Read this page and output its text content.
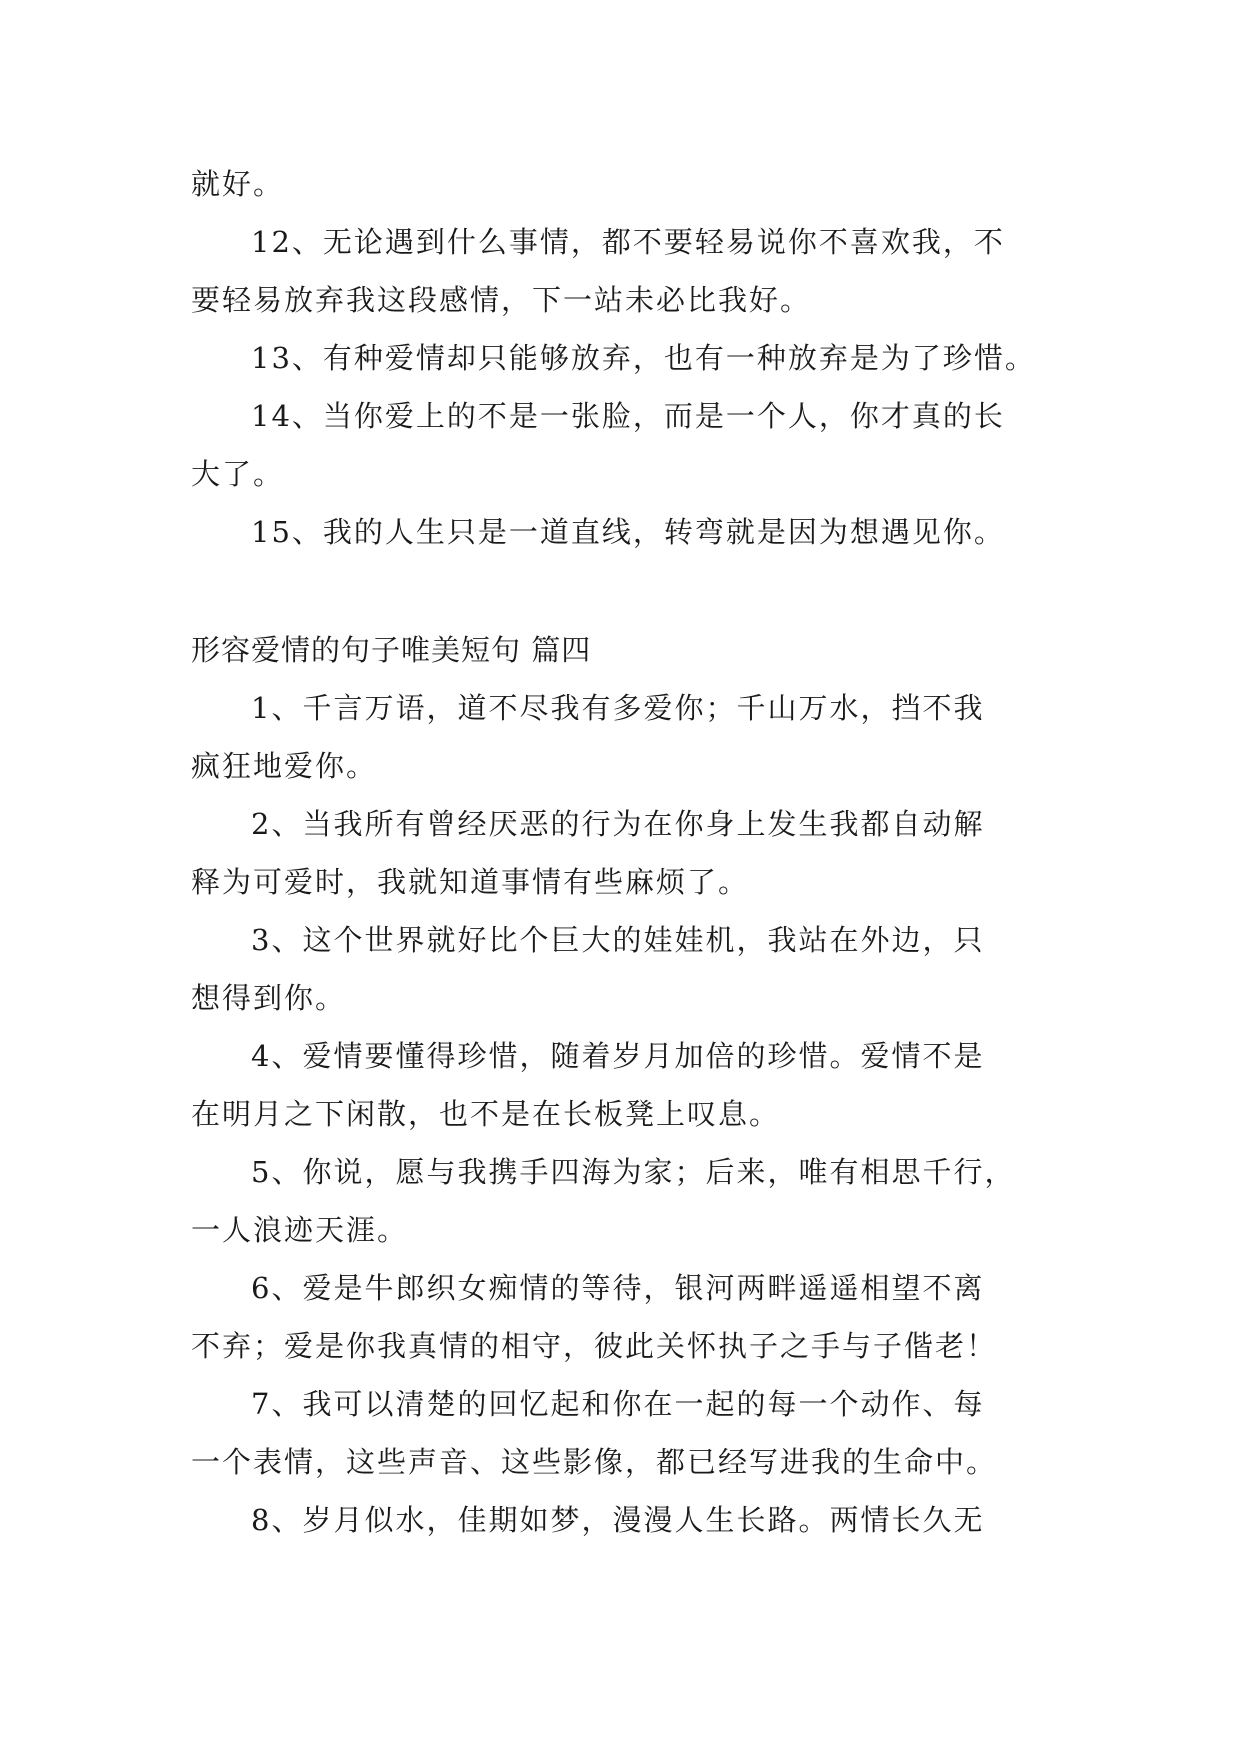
就好。
12、无论遇到什么事情，都不要轻易说你不喜欢我，不
要轻易放弃我这段感情，下一站未必比我好。
13、有种爱情却只能够放弃，也有一种放弃是为了珍惜。
14、当你爱上的不是一张脸，而是一个人，你才真的长
大了。
15、我的人生只是一道直线，转弯就是因为想遇见你。
形容爱情的句子唯美短句 篇四
1、千言万语，道不尽我有多爱你；千山万水，挡不我
疯狂地爱你。
2、当我所有曾经厌恶的行为在你身上发生我都自动解
释为可爱时，我就知道事情有些麻烦了。
3、这个世界就好比个巨大的娃娃机，我站在外边，只
想得到你。
4、爱情要懂得珍惜，随着岁月加倍的珍惜。爱情不是
在明月之下闲散，也不是在长板凳上叹息。
5、你说，愿与我携手四海为家；后来，唯有相思千行，
一人浪迹天涯。
6、爱是牛郎织女痴情的等待，银河两畔遥遥相望不离
不弃；爱是你我真情的相守，彼此关怀执子之手与子偕老！
7、我可以清楚的回忆起和你在一起的每一个动作、每
一个表情，这些声音、这些影像，都已经写进我的生命中。
8、岁月似水，佳期如梦，漫漫人生长路。两情长久无
